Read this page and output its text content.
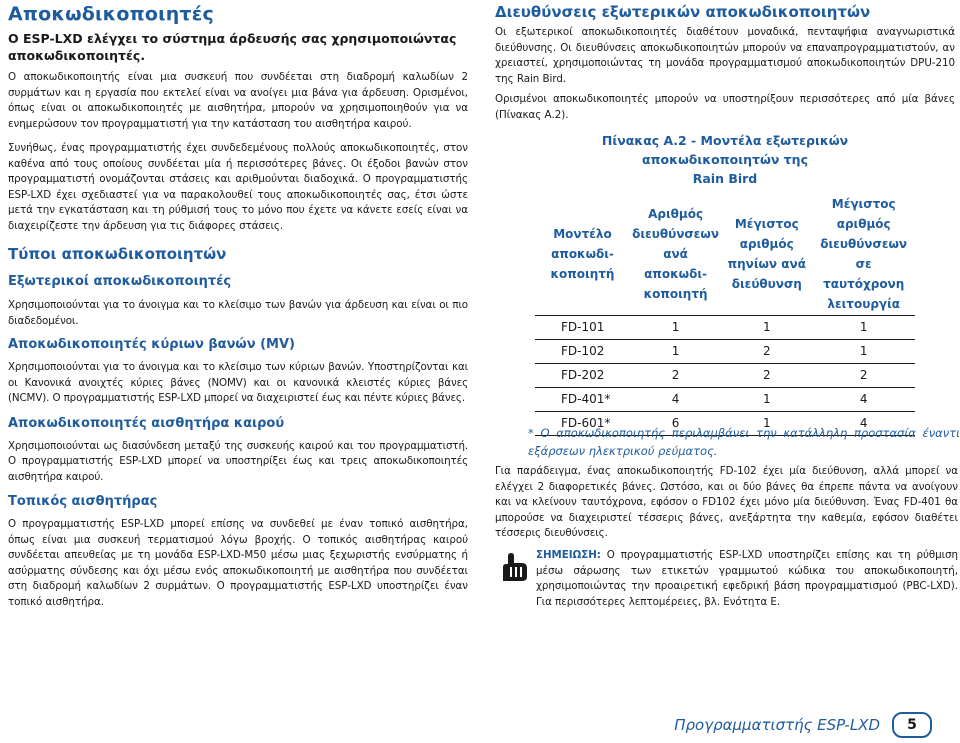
Αποκωδικοποιητές
Ο ESP-LXD ελέγχει το σύστημα άρδευσής σας χρησιμοποιώντας αποκωδικοποιητές.
Ο αποκωδικοποιητής είναι μια συσκευή που συνδέεται στη διαδρομή καλωδίων 2 συρμάτων και η εργασία που εκτελεί είναι να ανοίγει μια βάνα για άρδευση. Ορισμένοι, όπως είναι οι αποκωδικοποιητές με αισθητήρα, μπορούν να χρησιμοποιηθούν για να ενημερώσουν τον προγραμματιστή για την κατάσταση του αισθητήρα καιρού.
Συνήθως, ένας προγραμματιστής έχει συνδεδεμένους πολλούς αποκωδικοποιητές, στον καθένα από τους οποίους συνδέεται μία ή περισσότερες βάνες. Οι έξοδοι βανών στον προγραμματιστή ονομάζονται στάσεις και αριθμούνται διαδοχικά. Ο προγραμματιστής ESP-LXD έχει σχεδιαστεί για να παρακολουθεί τους αποκωδικοποιητές σας, έτσι ώστε μετά την εγκατάσταση και τη ρύθμισή τους το μόνο που έχετε να κάνετε εσείς είναι να διαχειρίζεστε την άρδευση για τις διάφορες στάσεις.
Τύποι αποκωδικοποιητών
Εξωτερικοί αποκωδικοποιητές
Χρησιμοποιούνται για το άνοιγμα και το κλείσιμο των βανών για άρδευση και είναι οι πιο διαδεδομένοι.
Αποκωδικοποιητές κύριων βανών (MV)
Χρησιμοποιούνται για το άνοιγμα και το κλείσιμο των κύριων βανών. Υποστηρίζονται και οι Κανονικά ανοιχτές κύριες βάνες (NOMV) και οι κανονικά κλειστές κύριες βάνες (NCMV). Ο προγραμματιστής ESP-LXD μπορεί να διαχειριστεί έως και πέντε κύριες βάνες.
Αποκωδικοποιητές αισθητήρα καιρού
Χρησιμοποιούνται ως διασύνδεση μεταξύ της συσκευής καιρού και του προγραμματιστή. Ο προγραμματιστής ESP-LXD μπορεί να υποστηρίξει έως και τρεις αποκωδικοποιητές αισθητήρα καιρού.
Τοπικός αισθητήρας
Ο προγραμματιστής ESP-LXD μπορεί επίσης να συνδεθεί με έναν τοπικό αισθητήρα, όπως είναι μια συσκευή τερματισμού λόγω βροχής. Ο τοπικός αισθητήρας καιρού συνδέεται απευθείας με τη μονάδα ESP-LXD-M50 μέσω μιας ξεχωριστής ενσύρματης ή ασύρματης σύνδεσης και όχι μέσω ενός αποκωδικοποιητή με αισθητήρα που συνδέεται στη διαδρομή καλωδίων 2 συρμάτων. Ο προγραμματιστής ESP-LXD υποστηρίζει έναν τοπικό αισθητήρα.
Διευθύνσεις εξωτερικών αποκωδικοποιητών
Οι εξωτερικοί αποκωδικοποιητές διαθέτουν μοναδικά, πενταψήφια αναγνωριστικά διεύθυνσης. Οι διευθύνσεις αποκωδικοποιητών μπορούν να επαναπρογραμματιστούν, αν χρειαστεί, χρησιμοποιώντας τη μονάδα προγραμματισμού αποκωδικοποιητών DPU-210 της Rain Bird.
Ορισμένοι αποκωδικοποιητές μπορούν να υποστηρίξουν περισσότερες από μία βάνες (Πίνακας Α.2).
Πίνακας Α.2 - Μοντέλα εξωτερικών αποκωδικοποιητών της
Rain Bird
Μοντέλο αποκωδι-κοποιητή	Αριθμός διευθύνσεων ανά αποκωδι-κοποιητή	Μέγιστος αριθμός πηνίων ανά διεύθυνση	Μέγιστος αριθμός διευθύνσεων σε ταυτόχρονη λειτουργία
FD-101	1	1	1
FD-102	1	2	1
FD-202	2	2	2
FD-401*	4	1	4
FD-601*	6	1	4
* Ο αποκωδικοποιητής περιλαμβάνει την κατάλληλη προστασία έναντι εξάρσεων ηλεκτρικού ρεύματος.
Για παράδειγμα, ένας αποκωδικοποιητής FD-102 έχει μία διεύθυνση, αλλά μπορεί να ελέγχει 2 διαφορετικές βάνες. Ωστόσο, και οι δύο βάνες θα έπρεπε πάντα να ανοίγουν και να κλείνουν ταυτόχρονα, εφόσον ο FD102 έχει μόνο μία διεύθυνση. Ένας FD-401 θα μπορούσε να διαχειριστεί τέσσερις βάνες, ανεξάρτητα την καθεμία, εφόσον διαθέτει τέσσερις διευθύνσεις.
ΣΗΜΕΙΩΣΗ: Ο προγραμματιστής ESP-LXD υποστηρίζει επίσης και τη ρύθμιση μέσω σάρωσης των ετικετών γραμμωτού κώδικα του αποκωδικοποιητή, χρησιμοποιώντας την προαιρετική εφεδρική βάση προγραμματισμού (PBC-LXD). Για περισσότερες λεπτομέρειες, βλ. Ενότητα Ε.
Προγραμματιστής ESP-LXD	5
